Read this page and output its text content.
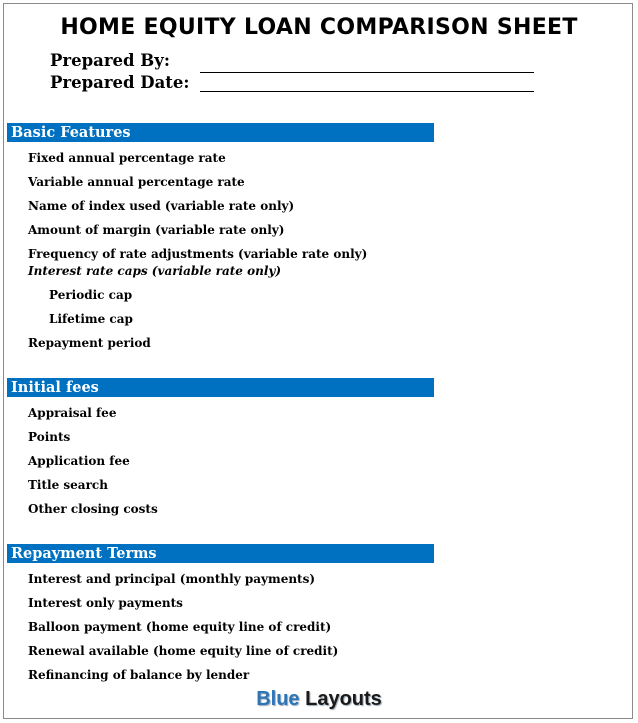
HOME EQUITY LOAN COMPARISON SHEET
Prepared By:
Prepared Date:
Basic Features
Fixed annual percentage rate
Variable annual percentage rate
Name of index used (variable rate only)
Amount of margin (variable rate only)
Frequency of rate adjustments (variable rate only)
Interest rate caps (variable rate only)
Periodic cap
Lifetime cap
Repayment period
Initial fees
Appraisal fee
Points
Application fee
Title search
Other closing costs
Repayment Terms
Interest and principal (monthly payments)
Interest only payments
Balloon payment (home equity line of credit)
Renewal available (home equity line of credit)
Refinancing of balance by lender
Blue Layouts
